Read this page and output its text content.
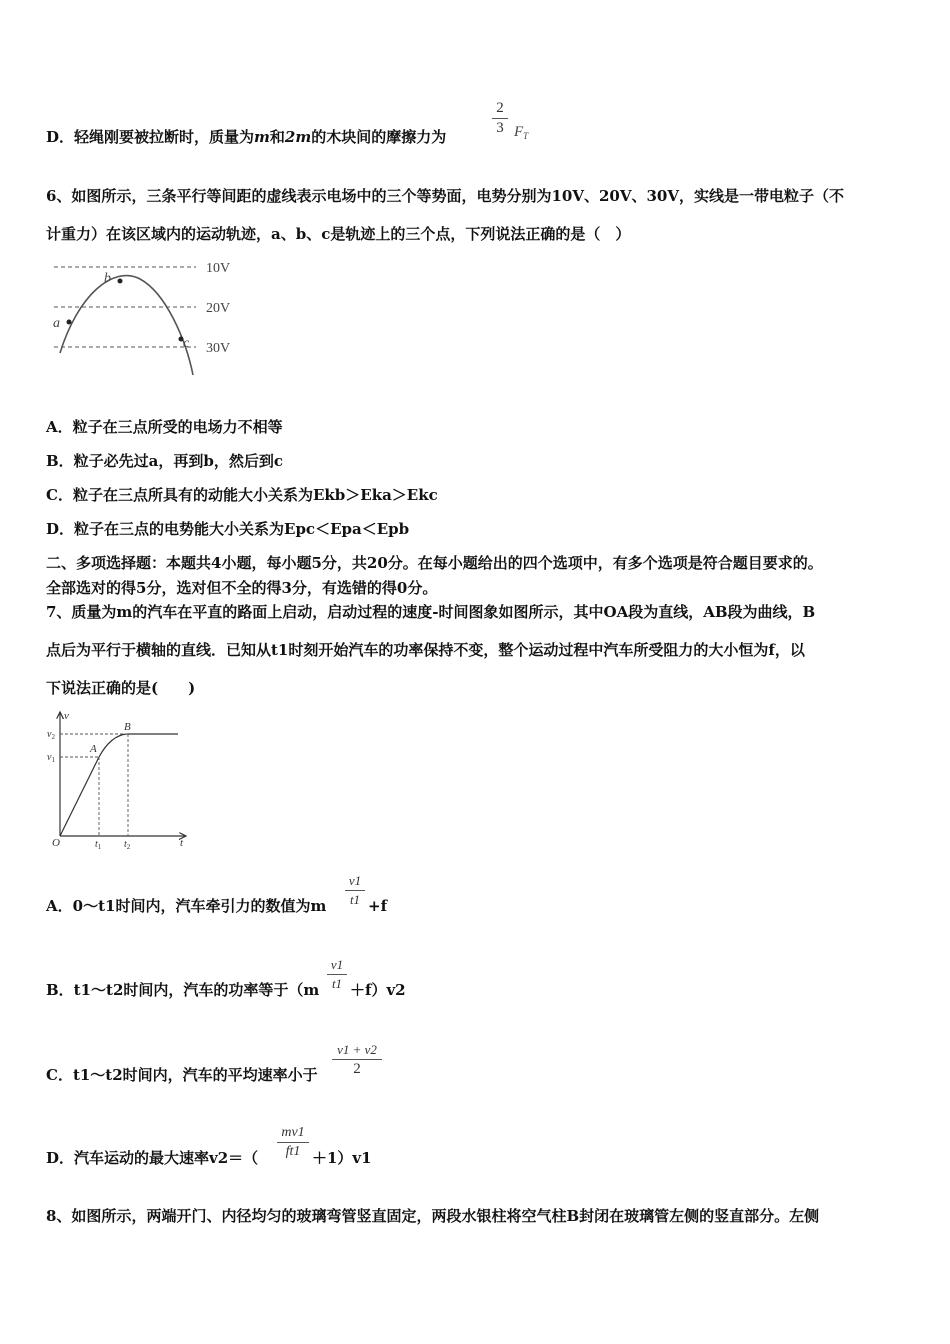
D．轻绳刚要被拉断时，质量为m和2m的木块间的摩擦力为
2
3 $F_T$
6、如图所示，三条平行等间距的虚线表示电场中的三个等势面，电势分别为10V、20V、30V，实线是一带电粒子（不
计重力）在该区域内的运动轨迹，a、b、c是轨迹上的三个点，下列说法正确的是（　）
10V
20V
30V
a
b
c
A．粒子在三点所受的电场力不相等
B．粒子必先过a，再到b，然后到c
C．粒子在三点所具有的动能大小关系为Ekb＞Eka＞Ekc
D．粒子在三点的电势能大小关系为Epc＜Epa＜Epb
二、多项选择题：本题共4小题，每小题5分，共20分。在每小题给出的四个选项中，有多个选项是符合题目要求的。
全部选对的得5分，选对但不全的得3分，有选错的得0分。
7、质量为m的汽车在平直的路面上启动，启动过程的速度-时间图象如图所示，其中OA段为直线，AB段为曲线，B
点后为平行于横轴的直线．已知从t1时刻开始汽车的功率保持不变，整个运动过程中汽车所受阻力的大小恒为f，以
下说法正确的是(　　)
v
t
O
A
B
$v_1$
$v_2$
$t_1$ $t_2$
A．0～t1时间内，汽车牵引力的数值为m
v1
t1 +f
B．t1～t2时间内，汽车的功率等于（m
v1
t1 ＋f）v2
C．t1～t2时间内，汽车的平均速率小于
v1 + v2
2
D．汽车运动的最大速率v2＝（
mv1
ft1 ＋1）v1
8、如图所示，两端开门、内径均匀的玻璃弯管竖直固定，两段水银柱将空气柱B封闭在玻璃管左侧的竖直部分。左侧
